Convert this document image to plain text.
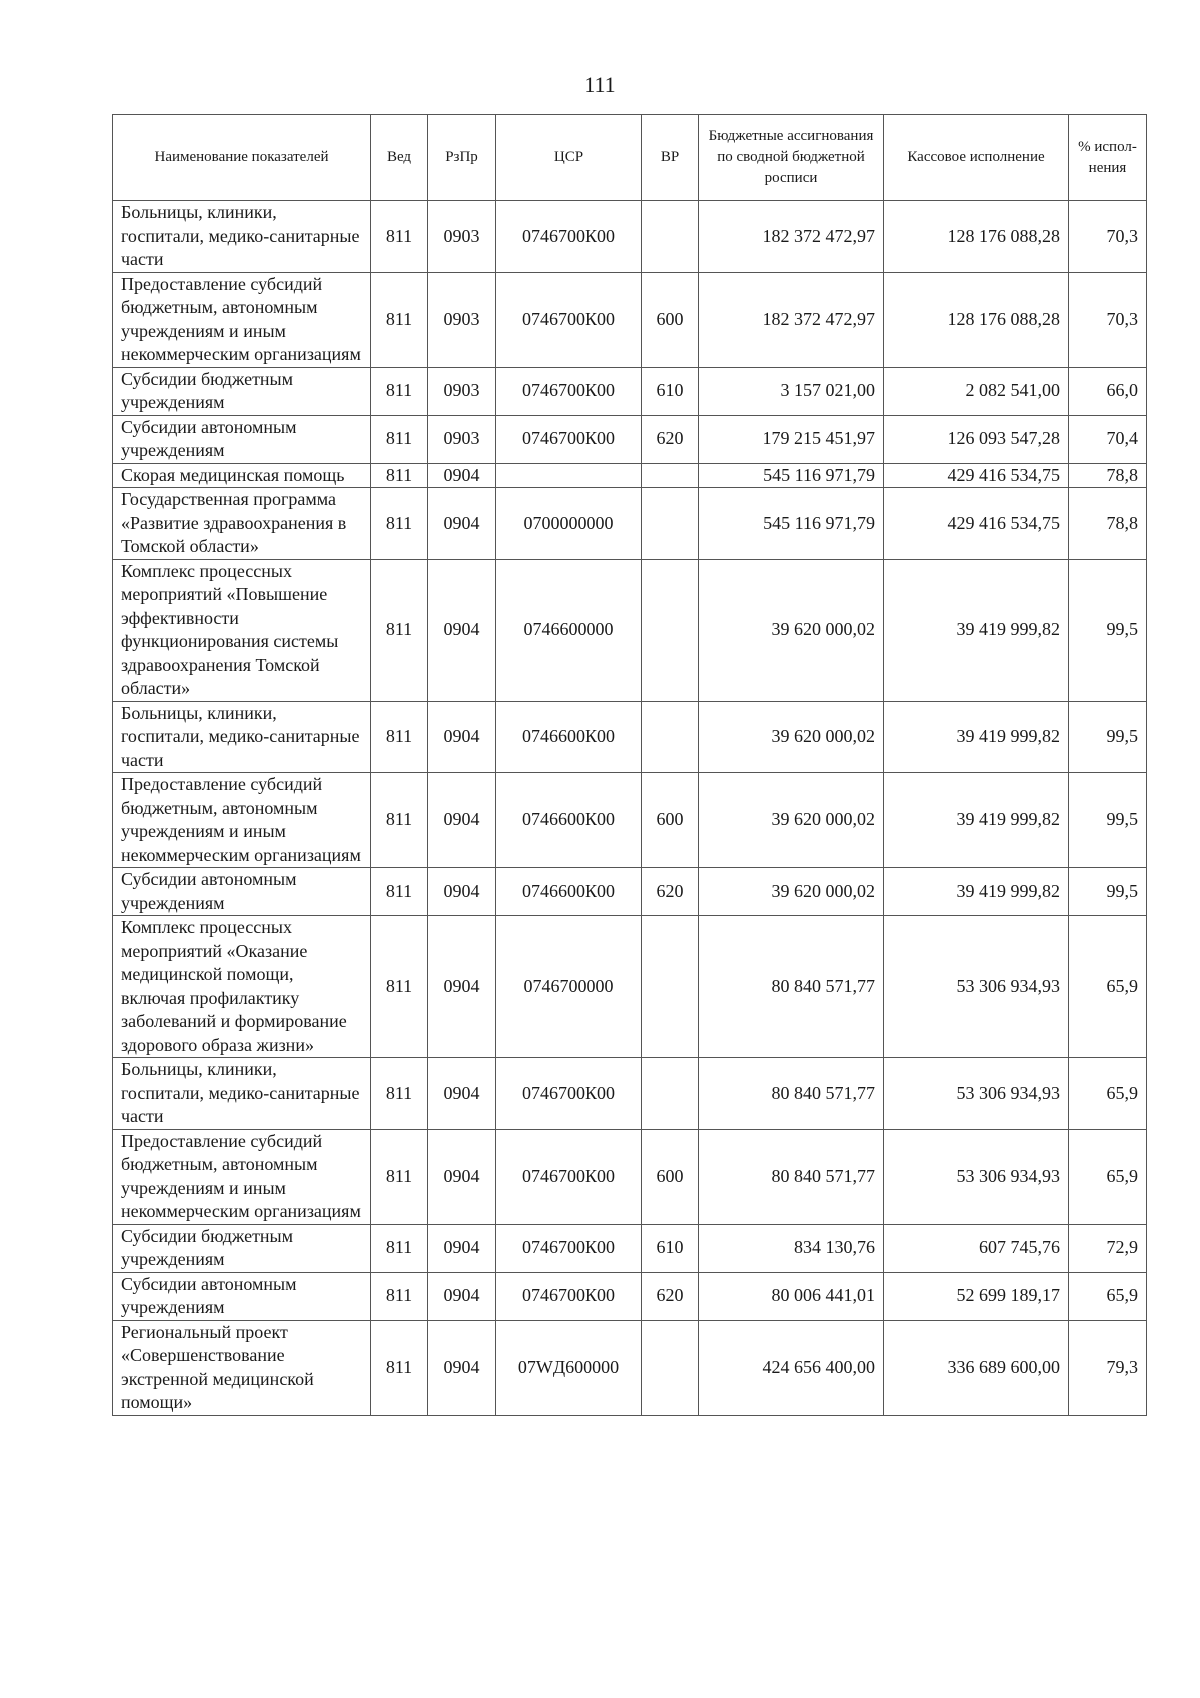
111
Наименование показателей	Вед	РзПр	ЦСР	ВР	Бюджетные ассигнования по сводной бюджетной росписи	Кассовое исполнение	% испол-нения
Больницы, клиники, госпитали, медико-санитарные части	811	0903	0746700К00		182 372 472,97	128 176 088,28	70,3
Предоставление субсидий бюджетным, автономным учреждениям и иным некоммерческим организациям	811	0903	0746700К00	600	182 372 472,97	128 176 088,28	70,3
Субсидии бюджетным учреждениям	811	0903	0746700К00	610	3 157 021,00	2 082 541,00	66,0
Субсидии автономным учреждениям	811	0903	0746700К00	620	179 215 451,97	126 093 547,28	70,4
Скорая медицинская помощь	811	0904			545 116 971,79	429 416 534,75	78,8
Государственная программа «Развитие здравоохранения в Томской области»	811	0904	0700000000		545 116 971,79	429 416 534,75	78,8
Комплекс процессных мероприятий «Повышение эффективности функционирования системы здравоохранения Томской области»	811	0904	0746600000		39 620 000,02	39 419 999,82	99,5
Больницы, клиники, госпитали, медико-санитарные части	811	0904	0746600К00		39 620 000,02	39 419 999,82	99,5
Предоставление субсидий бюджетным, автономным учреждениям и иным некоммерческим организациям	811	0904	0746600К00	600	39 620 000,02	39 419 999,82	99,5
Субсидии автономным учреждениям	811	0904	0746600К00	620	39 620 000,02	39 419 999,82	99,5
Комплекс процессных мероприятий «Оказание медицинской помощи, включая профилактику заболеваний и формирование здорового образа жизни»	811	0904	0746700000		80 840 571,77	53 306 934,93	65,9
Больницы, клиники, госпитали, медико-санитарные части	811	0904	0746700К00		80 840 571,77	53 306 934,93	65,9
Предоставление субсидий бюджетным, автономным учреждениям и иным некоммерческим организациям	811	0904	0746700К00	600	80 840 571,77	53 306 934,93	65,9
Субсидии бюджетным учреждениям	811	0904	0746700К00	610	834 130,76	607 745,76	72,9
Субсидии автономным учреждениям	811	0904	0746700К00	620	80 006 441,01	52 699 189,17	65,9
Региональный проект «Совершенствование экстренной медицинской помощи»	811	0904	07WД600000		424 656 400,00	336 689 600,00	79,3
